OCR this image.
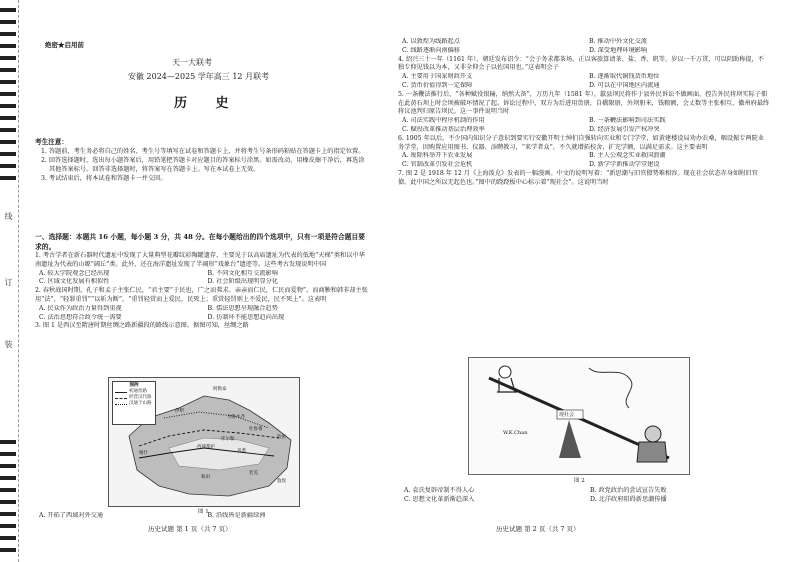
线
订
装
绝密★启用前
天一大联考
安徽 2024—2025 学年高三 12 月联考
历 史
考生注意：

1. 答题前，考生务必将自己的姓名、考生号等填写在试卷和答题卡上，并将考生号条形码粘贴在答题卡上的指定位置。

2. 回答选择题时，选出每小题答案后，用铅笔把答题卡对应题目的答案标号涂黑。如需改动，用橡皮擦干净后，再选涂其他答案标号。回答非选择题时，将答案写在答题卡上。写在本试卷上无效。

3. 考试结束后，将本试卷和答题卡一并交回。

一、选择题：本题共 16 小题，每小题 3 分，共 48 分。在每小题给出的四个选项中，只有一项是符合题目要求的。

1. 考古学者在新石器时代遗址中发现了大量典型花瓣纹彩陶罐遗存，主要见于以高庙遗址为代表的低地“天梯”类和以中华南遗址为代表的山塬“阔丘”类。此外，还在海洋遗址发现了半阔形“戏象台”遗迹等。这些考古发现说明中国

A. 较大学院观念已经出现	B. 不同文化相互交流影响
C. 区域文化发展有相似性	D. 社会阶级出现明显分化

2. 春秋战国时期，孔子和孟子主张仁民，“君主要”于民也，广之而弗求。亲亲而仁民，仁民而爱物”。而商鞅和韩非却主张用“法”，“轻罪重罚”“以斩为断”，“重罚轻赏而上爱民，民死上；重赏轻罚则上不爱民，民不死上”。这表明

A. 民众作为政治力量得到重视	B. 儒法思想呈现融合趋势
C. 法治思想符合政令统一需要	D. 仿制坏不能思想趋向出现

3. 图 1 是西汉至隋唐时期丝绸之路新疆段的路线示意图。据图可知，丝绸之路

图例
初通丝路
经营汉代路
汉通于山路
阿勒泰
伊犁
乌鲁木齐
吐鲁番
哈密
库尔勒
和田
喀什
若羌
敦煌
西域都护
焉耆
图 1
A. 开拓了西域对外交通	B. 沿线皆是新疆绿洲
历史试题 第 1 页（共 7 页）
A. 以敦煌为线路起点	B. 推动中外文化交流
C. 线路逐渐向南偏移	D. 深受地理环境影响

4. 绍兴三十一年（1161 年），朝廷发布诏令：“会子务求都茶场，正以客旅算请茶、盐、香、矾等，岁以一千万贯，可以阴助称提，不独专仰见钱以为本，又非全仰会子以佐国用也。”这表明会子

A. 主要用于国家财政开支	B. 逐渐取代铜钱货币地位
C. 货币价值得到一定保障	D. 可以在中国地区内流通

5. 一条鞭法推行后，“各种赋役银输，纳然大备”，万历九年（1581 年），歙县坝民将作于县外民诉讼不做画面，控告外民将坝实际子佃在此黄石坝上时会坝被破坏情况了起。诉讼过程中，双方为后进用货册，自橋限册，外坝册米，钱粮额，会丈数等主张相互，徽州府最终将议池判归原告坝民。这一事件说明当时

A. 司法实践中程序机制的作用	B. 一条鞭法影响到司法实践
C. 赋役改革推动基层治理效率	D. 经济发展引发产权冲突

6. 1905 年以后，不少国内知识分子意识到要实行安徽开明士绅们自强转向实业和专门学堂，如黄建楼设局劝办农桑，咽设振专两院业务学堂，因购置应用图书、仪器、添聘教习，“来学者众”，不久就增拓校舍，扩充学额，以满足需求。这主要表明

A. 废除科举开下农业发展	B. 主人公观念实业救国浪潮
C. 官制改革引发社会危机	D. 新学学新推动学堂建设

7. 图 2 是 1918 年 12 月《上海泼克》发表的一幅漫画。中文的说明写着：“新思潮与旧官僚势难相容。现在社会状态赤身如附旧官僚。此中国之所以无起色也。”图中的跷跷板中心标示着“现社会”。这说明当时

现社会
W.K.Chan
图 2
A. 袁氏复辟帝制不得人心	B. 政党政治的尝试宣告失败
C. 思想文化革新渐趋深入	D. 北洋政府阻碍新思潮传播
历史试题 第 2 页（共 7 页）
